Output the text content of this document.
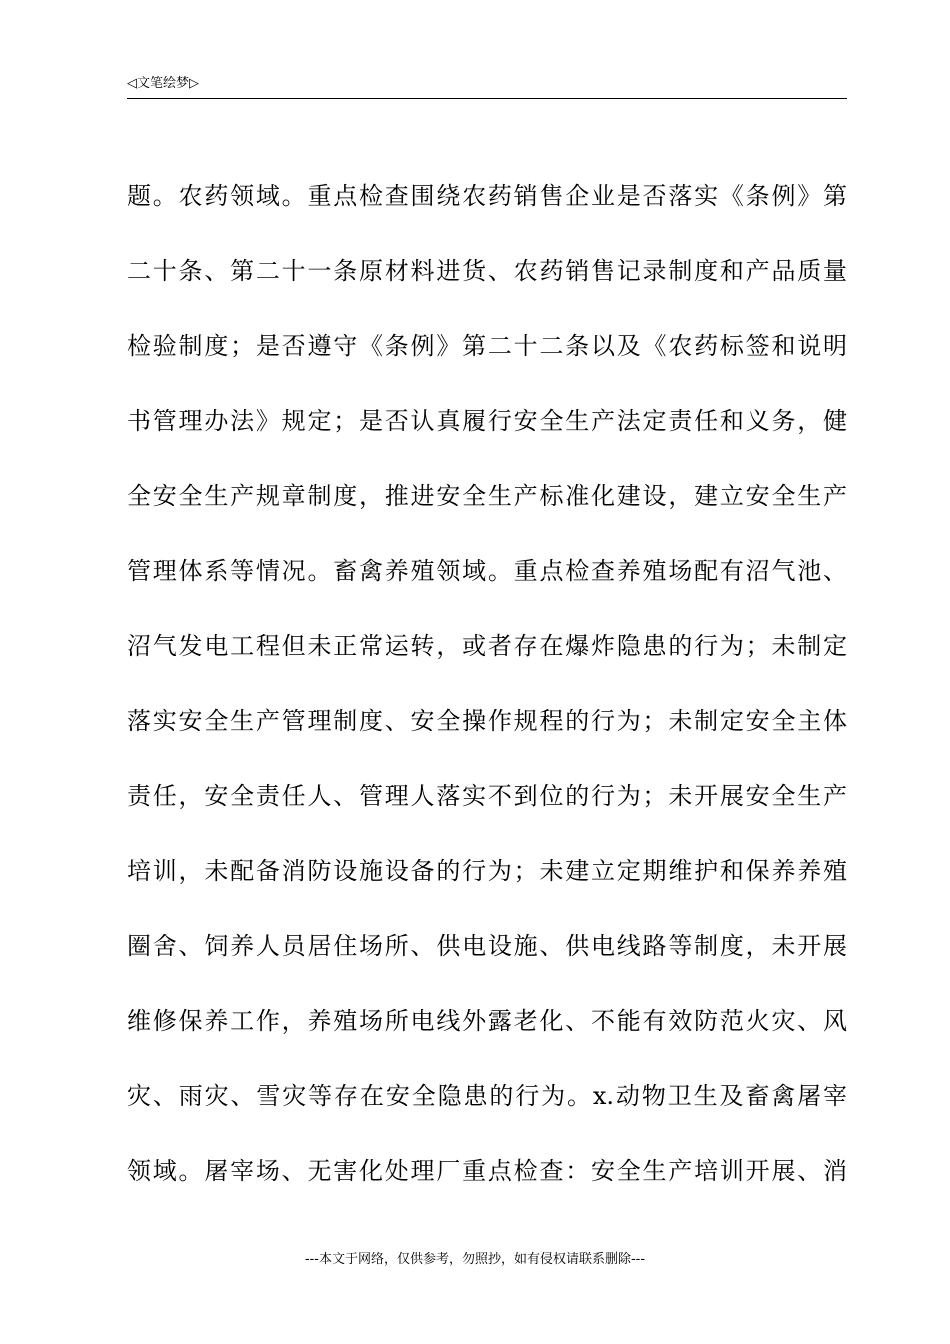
◁文笔绘梦▷
题。农药领域。重点检查围绕农药销售企业是否落实《条例》第
二十条、第二十一条原材料进货、农药销售记录制度和产品质量
检验制度；是否遵守《条例》第二十二条以及《农药标签和说明
书管理办法》规定；是否认真履行安全生产法定责任和义务，健
全安全生产规章制度，推进安全生产标准化建设，建立安全生产
管理体系等情况。畜禽养殖领域。重点检查养殖场配有沼气池、
沼气发电工程但未正常运转，或者存在爆炸隐患的行为；未制定
落实安全生产管理制度、安全操作规程的行为；未制定安全主体
责任，安全责任人、管理人落实不到位的行为；未开展安全生产
培训，未配备消防设施设备的行为；未建立定期维护和保养养殖
圈舍、饲养人员居住场所、供电设施、供电线路等制度，未开展
维修保养工作，养殖场所电线外露老化、不能有效防范火灾、风
灾、雨灾、雪灾等存在安全隐患的行为。x.动物卫生及畜禽屠宰
领域。屠宰场、无害化处理厂重点检查：安全生产培训开展、消
---本文于网络，仅供参考，勿照抄，如有侵权请联系删除---
